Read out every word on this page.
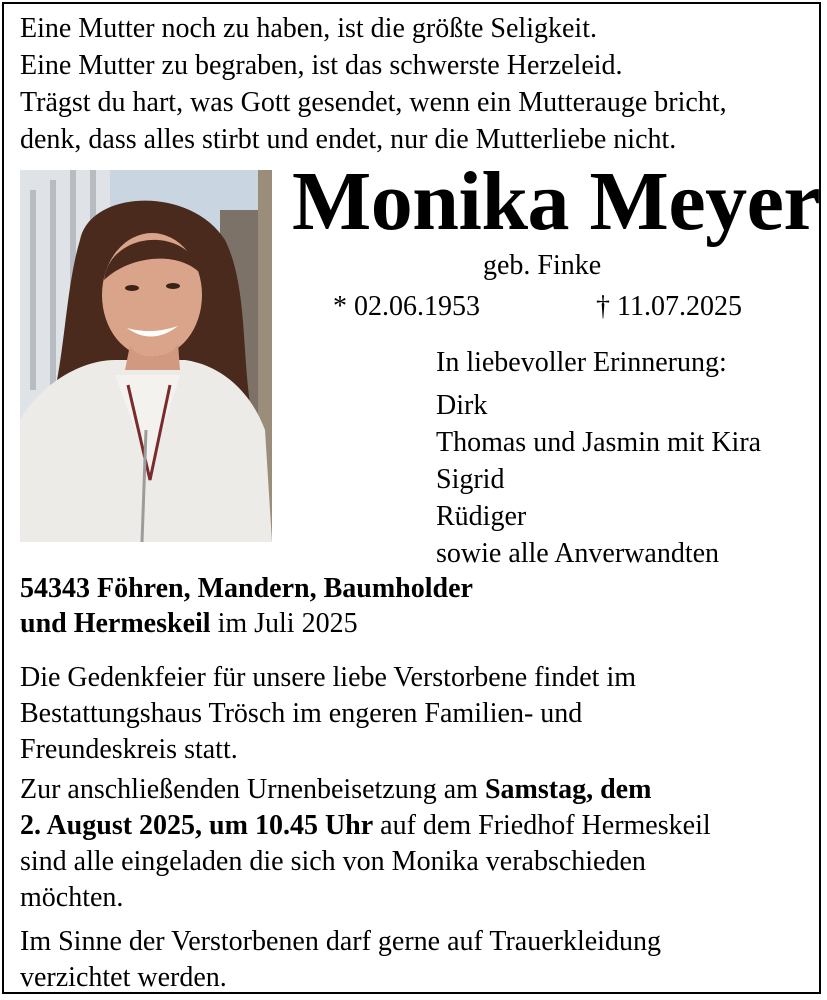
Eine Mutter noch zu haben, ist die größte Seligkeit.
Eine Mutter zu begraben, ist das schwerste Herzeleid.
Trägst du hart, was Gott gesendet, wenn ein Mutterauge bricht,
denk, dass alles stirbt und endet, nur die Mutterliebe nicht.
Monika Meyer
geb. Finke
* 02.06.1953	† 11.07.2025
In liebevoller Erinnerung:
Dirk
Thomas und Jasmin mit Kira
Sigrid
Rüdiger
sowie alle Anverwandten
54343 Föhren, Mandern, Baumholder
und Hermeskeil im Juli 2025
Die Gedenkfeier für unsere liebe Verstorbene findet im
Bestattungshaus Trösch im engeren Familien- und
Freundeskreis statt.
Zur anschließenden Urnenbeisetzung am Samstag, dem
2. August 2025, um 10.45 Uhr auf dem Friedhof Hermeskeil
sind alle eingeladen die sich von Monika verabschieden
möchten.
Im Sinne der Verstorbenen darf gerne auf Trauerkleidung
verzichtet werden.
